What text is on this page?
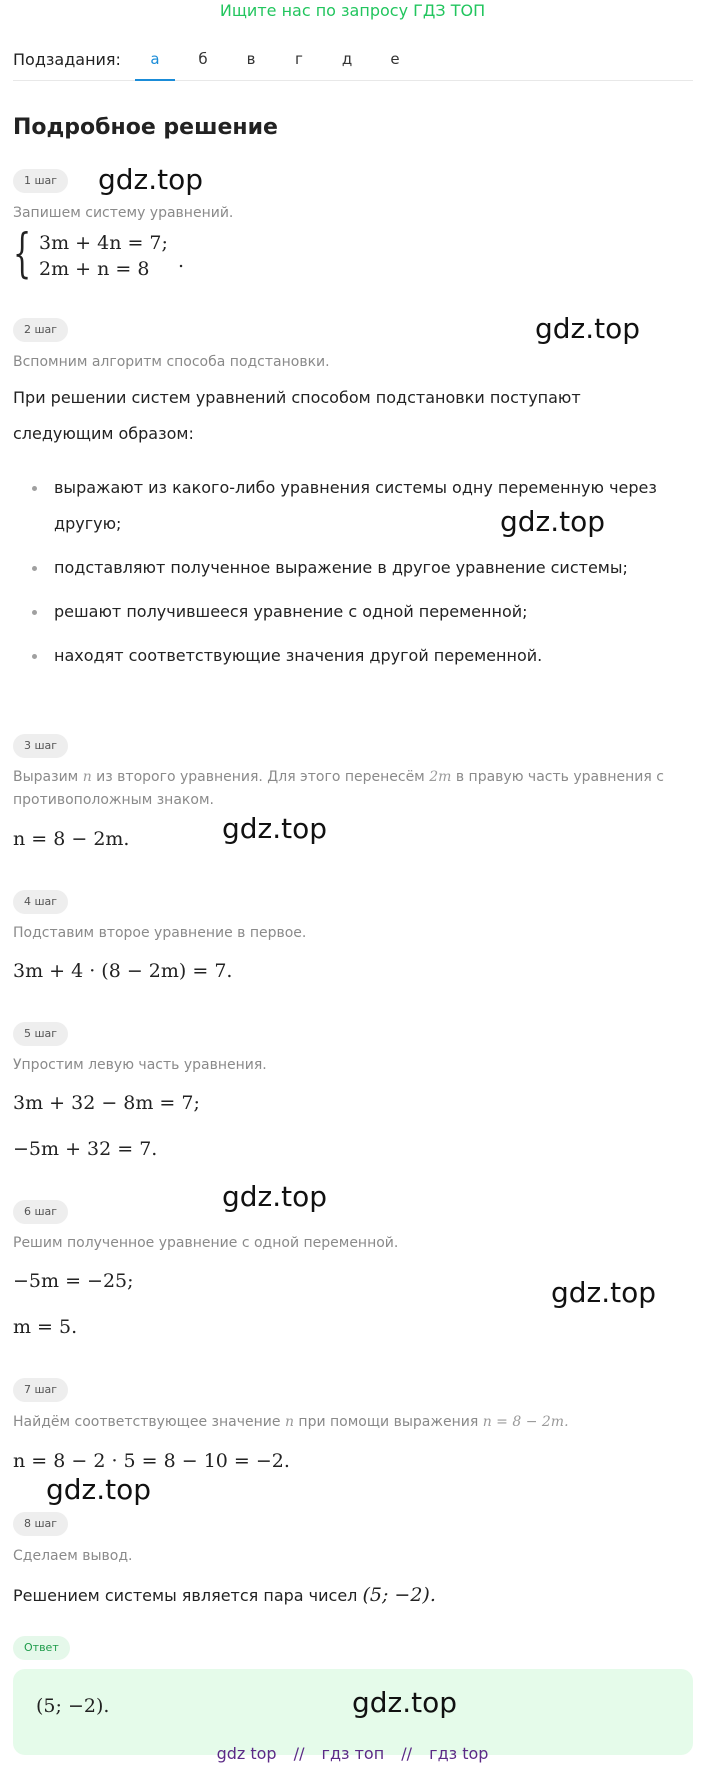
Ищите нас по запросу ГДЗ ТОП
Подзадания:	а	б	в	г	д	е
Подробное решение
1 шаг
Запишем систему уравнений.
{ 3m + 4n = 7;
2m + n = 8 .
2 шаг
Вспомним алгоритм способа подстановки.
При решении систем уравнений способом подстановки поступают следующим образом:
выражают из какого-либо уравнения системы одну переменную через другую;
подставляют полученное выражение в другое уравнение системы;
решают получившееся уравнение с одной переменной;
находят соответствующие значения другой переменной.
3 шаг
Выразим n из второго уравнения. Для этого перенесём 2m в правую часть уравнения с противоположным знаком.
n = 8 − 2m.
4 шаг
Подставим второе уравнение в первое.
3m + 4 · (8 − 2m) = 7.
5 шаг
Упростим левую часть уравнения.
3m + 32 − 8m = 7;
−5m + 32 = 7.
6 шаг
Решим полученное уравнение с одной переменной.
−5m = −25;
m = 5.
7 шаг
Найдём соответствующее значение n при помощи выражения n = 8 − 2m.
n = 8 − 2 · 5 = 8 − 10 = −2.
8 шаг
Сделаем вывод.
Решением системы является пара чисел (5; −2).
Ответ
(5; −2).
gdz.top
gdz.top
gdz.top
gdz.top
gdz.top
gdz.top
gdz.top
gdz.top
gdz top // гдз топ // гдз top
